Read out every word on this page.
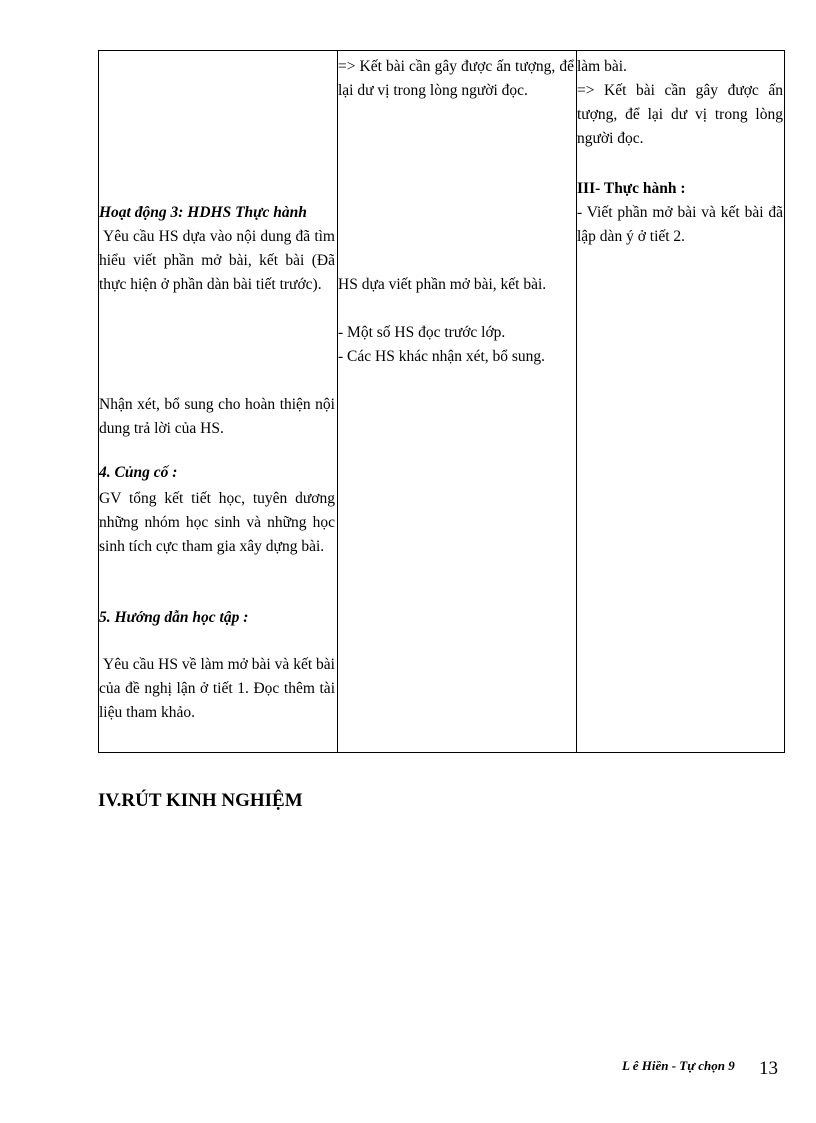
Hoạt động 3: HDHS Thực hành
Yêu cầu HS dựa vào nội dung đã tìm hiểu viết phần mở bài, kết bài (Đã thực hiện ở phần dàn bài tiết trước).
Nhận xét, bổ sung cho hoàn thiện nội dung trả lời của HS.
4. Củng cố :
GV tổng kết tiết học, tuyên dương những nhóm học sinh và những học sinh tích cực tham gia xây dựng bài.
5. Hướng dẫn học tập :
Yêu cầu HS về làm mở bài và kết bài của đề nghị lận ở tiết 1. Đọc thêm tài liệu tham khảo.
=> Kết bài cần gây được ấn tượng, để lại dư vị trong lòng người đọc.
HS dựa viết phần mở bài, kết bài.
- Một số HS đọc trước lớp.
- Các HS khác nhận xét, bổ sung.
làm bài.
=> Kết bài cần gây được ấn tượng, để lại dư vị trong lòng người đọc.
III- Thực hành :
- Viết phần mở bài và kết bài đã lập dàn ý ở tiết 2.
IV.RÚT KINH NGHIỆM
L ê Hiền - Tự chọn 9 13
